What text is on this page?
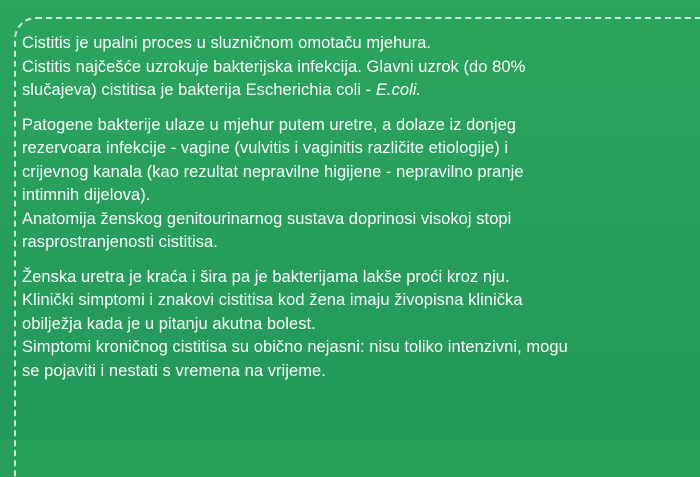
Cistitis je upalni proces u sluzničnom omotaču mjehura.
Cistitis najčešće uzrokuje bakterijska infekcija. Glavni uzrok (do 80%
slučajeva) cistitisa je bakterija Escherichia coli - E.coli.

Patogene bakterije ulaze u mjehur putem uretre, a dolaze iz donjeg
rezervoara infekcije - vagine (vulvitis i vaginitis različite etiologije) i
crijevnog kanala (kao rezultat nepravilne higijene - nepravilno pranje
intimnih dijelova).
Anatomija ženskog genitourinarnog sustava doprinosi visokoj stopi
rasprostranjenosti cistitisa.

Ženska uretra je kraća i šira pa je bakterijama lakše proći kroz nju.
Klinički simptomi i znakovi cistitisa kod žena imaju živopisna klinička
obilježja kada je u pitanju akutna bolest.
Simptomi kroničnog cistitisa su obično nejasni: nisu toliko intenzivni, mogu
se pojaviti i nestati s vremena na vrijeme.
